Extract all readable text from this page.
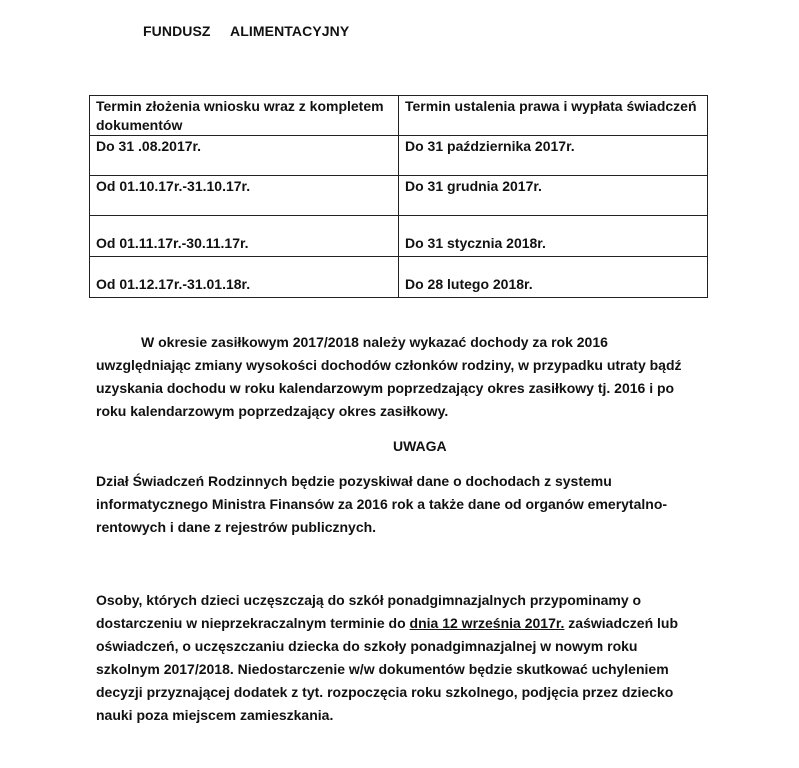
FUNDUSZ ALIMENTACYJNY
Termin złożenia wniosku wraz z kompletem dokumentów	Termin ustalenia prawa i wypłata świadczeń
Do 31 .08.2017r.	Do 31 października 2017r.
Od 01.10.17r.-31.10.17r.	Do 31 grudnia 2017r.
Od 01.11.17r.-30.11.17r.	Do 31 stycznia 2018r.
Od 01.12.17r.-31.01.18r.	Do 28 lutego 2018r.
W okresie zasiłkowym 2017/2018 należy wykazać dochody za rok 2016 uwzględniając zmiany wysokości dochodów członków rodziny, w przypadku utraty bądź uzyskania dochodu w roku kalendarzowym poprzedzający okres zasiłkowy tj. 2016 i po roku kalendarzowym poprzedzający okres zasiłkowy.
UWAGA
Dział Świadczeń Rodzinnych będzie pozyskiwał dane o dochodach z systemu informatycznego Ministra Finansów za 2016 rok a także dane od organów emerytalno-rentowych i dane z rejestrów publicznych.
Osoby, których dzieci uczęszczają do szkół ponadgimnazjalnych przypominamy o dostarczeniu w nieprzekraczalnym terminie do dnia 12 września 2017r. zaświadczeń lub oświadczeń, o uczęszczaniu dziecka do szkoły ponadgimnazjalnej w nowym roku szkolnym 2017/2018. Niedostarczenie w/w dokumentów będzie skutkować uchyleniem decyzji przyznającej dodatek z tyt. rozpoczęcia roku szkolnego, podjęcia przez dziecko nauki poza miejscem zamieszkania.
